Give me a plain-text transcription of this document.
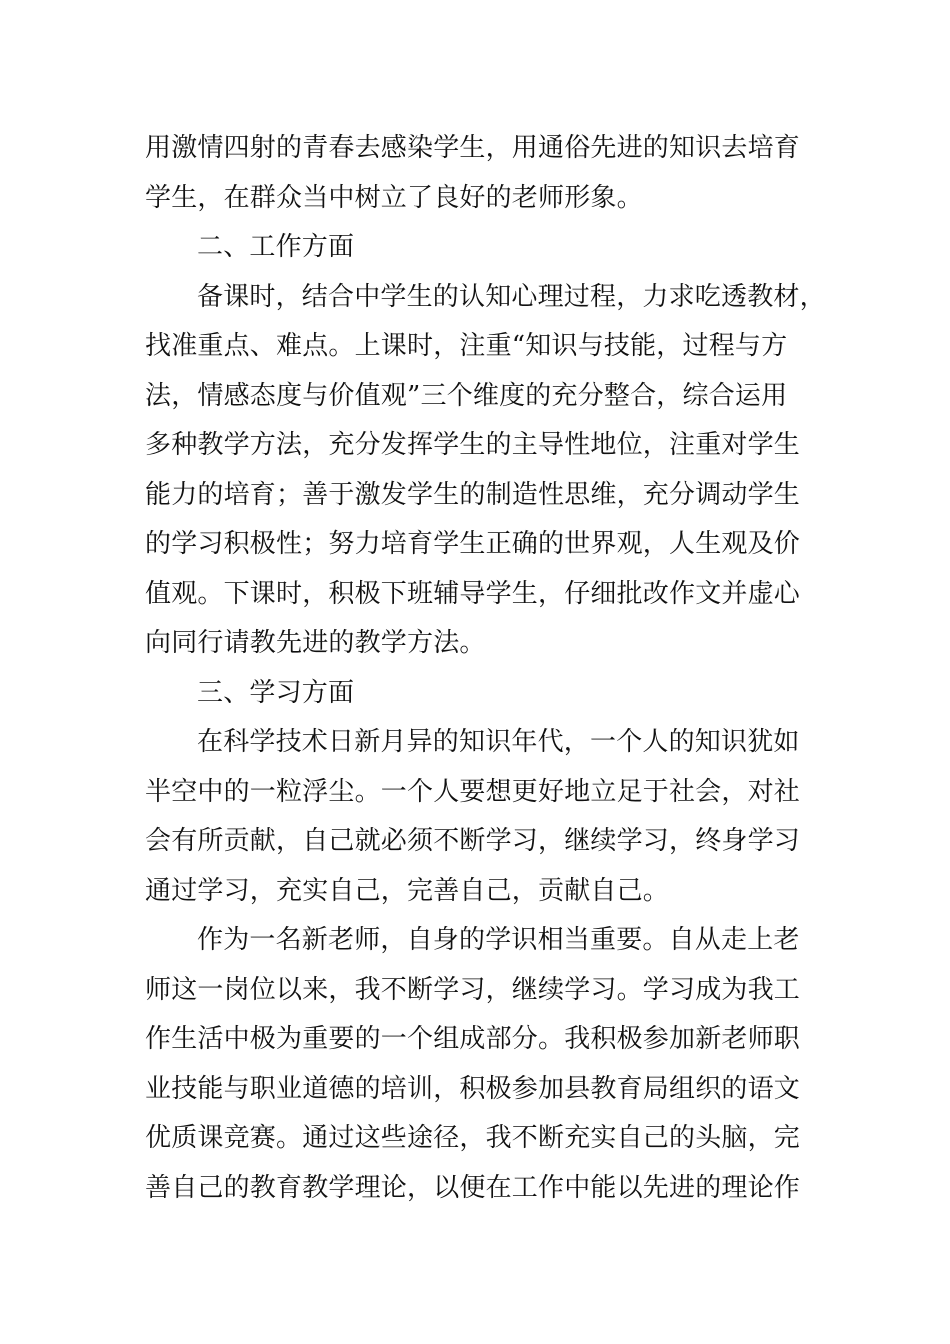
用激情四射的青春去感染学生，用通俗先进的知识去培育
学生，在群众当中树立了良好的老师形象。
二、工作方面
备课时，结合中学生的认知心理过程，力求吃透教材，
找准重点、难点。上课时，注重“知识与技能，过程与方
法，情感态度与价值观”三个维度的充分整合，综合运用
多种教学方法，充分发挥学生的主导性地位，注重对学生
能力的培育；善于激发学生的制造性思维，充分调动学生
的学习积极性；努力培育学生正确的世界观，人生观及价
值观。下课时，积极下班辅导学生，仔细批改作文并虚心
向同行请教先进的教学方法。
三、学习方面
在科学技术日新月异的知识年代，一个人的知识犹如
半空中的一粒浮尘。一个人要想更好地立足于社会，对社
会有所贡献，自己就必须不断学习，继续学习，终身学习
通过学习，充实自己，完善自己，贡献自己。
作为一名新老师，自身的学识相当重要。自从走上老
师这一岗位以来，我不断学习，继续学习。学习成为我工
作生活中极为重要的一个组成部分。我积极参加新老师职
业技能与职业道德的培训，积极参加县教育局组织的语文
优质课竞赛。通过这些途径，我不断充实自己的头脑，完
善自己的教育教学理论，以便在工作中能以先进的理论作
